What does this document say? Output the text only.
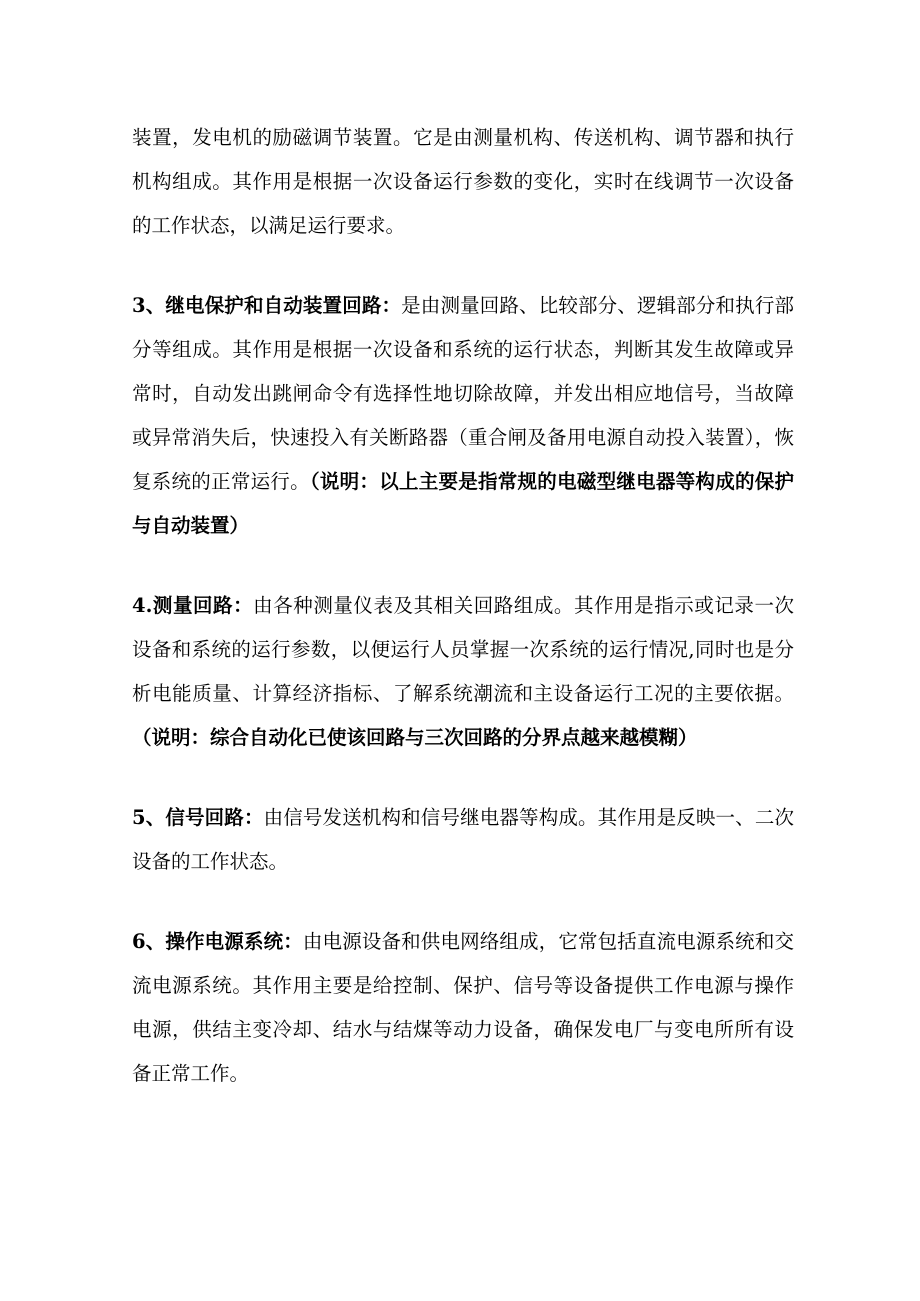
装置，发电机的励磁调节装置。它是由测量机构、传送机构、调节器和执行机构组成。其作用是根据一次设备运行参数的变化，实时在线调节一次设备的工作状态，以满足运行要求。

3、继电保护和自动装置回路：是由测量回路、比较部分、逻辑部分和执行部分等组成。其作用是根据一次设备和系统的运行状态，判断其发生故障或异常时，自动发出跳闸命令有选择性地切除故障，并发出相应地信号，当故障或异常消失后，快速投入有关断路器（重合闸及备用电源自动投入装置），恢复系统的正常运行。（说明：以上主要是指常规的电磁型继电器等构成的保护与自动装置）

4.测量回路：由各种测量仪表及其相关回路组成。其作用是指示或记录一次设备和系统的运行参数，以便运行人员掌握一次系统的运行情况,同时也是分析电能质量、计算经济指标、了解系统潮流和主设备运行工况的主要依据。（说明：综合自动化已使该回路与三次回路的分界点越来越模糊）

5、信号回路：由信号发送机构和信号继电器等构成。其作用是反映一、二次设备的工作状态。

6、操作电源系统：由电源设备和供电网络组成，它常包括直流电源系统和交流电源系统。其作用主要是给控制、保护、信号等设备提供工作电源与操作电源，供结主变冷却、结水与结煤等动力设备，确保发电厂与变电所所有设备正常工作。
